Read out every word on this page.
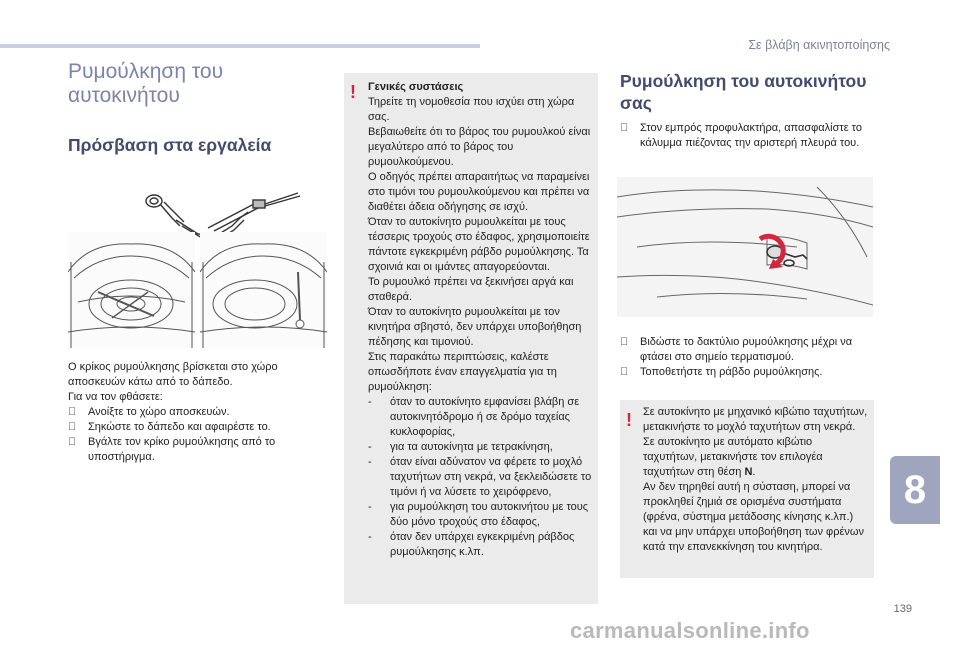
Σε βλάβη ακινητοποίησης
Ρυμούλκηση του αυτοκινήτου
Πρόσβαση στα εργαλεία
Ο κρίκος ρυμούλκησης βρίσκεται στο χώρο αποσκευών κάτω από το δάπεδο.
Για να τον φθάσετε:
Ανοίξτε το χώρο αποσκευών.
Σηκώστε το δάπεδο και αφαιρέστε το.
Βγάλτε τον κρίκο ρυμούλκησης από το υποστήριγμα.
! Γενικές συστάσεις
Τηρείτε τη νομοθεσία που ισχύει στη χώρα σας.
Βεβαιωθείτε ότι το βάρος του ρυμουλκού είναι μεγαλύτερο από το βάρος του ρυμουλκούμενου.
Ο οδηγός πρέπει απαραιτήτως να παραμείνει στο τιμόνι του ρυμουλκούμενου και πρέπει να διαθέτει άδεια οδήγησης σε ισχύ.
Όταν το αυτοκίνητο ρυμουλκείται με τους τέσσερις τροχούς στο έδαφος, χρησιμοποιείτε πάντοτε εγκεκριμένη ράβδο ρυμούλκησης. Τα σχοινιά και οι ιμάντες απαγορεύονται.
Το ρυμουλκό πρέπει να ξεκινήσει αργά και σταθερά.
Όταν το αυτοκίνητο ρυμουλκείται με τον κινητήρα σβηστό, δεν υπάρχει υποβοήθηση πέδησης και τιμονιού.
Στις παρακάτω περιπτώσεις, καλέστε οπωσδήποτε έναν επαγγελματία για τη ρυμούλκηση:
-	όταν το αυτοκίνητο εμφανίσει βλάβη σε αυτοκινητόδρομο ή σε δρόμο ταχείας κυκλοφορίας,
-	για τα αυτοκίνητα με τετρακίνηση,
-	όταν είναι αδύνατον να φέρετε το μοχλό ταχυτήτων στη νεκρά, να ξεκλειδώσετε το τιμόνι ή να λύσετε το χειρόφρενο,
-	για ρυμούλκηση του αυτοκινήτου με τους δύο μόνο τροχούς στο έδαφος,
-	όταν δεν υπάρχει εγκεκριμένη ράβδος ρυμούλκησης κ.λπ.
Ρυμούλκηση του αυτοκινήτου σας
Στον εμπρός προφυλακτήρα, απασφαλίστε το κάλυμμα πιέζοντας την αριστερή πλευρά του.
Βιδώστε το δακτύλιο ρυμούλκησης μέχρι να φτάσει στο σημείο τερματισμού.
Τοποθετήστε τη ράβδο ρυμούλκησης.
! Σε αυτοκίνητο με μηχανικό κιβώτιο ταχυτήτων, μετακινήστε το μοχλό ταχυτήτων στη νεκρά.
Σε αυτοκίνητο με αυτόματο κιβώτιο ταχυτήτων, μετακινήστε τον επιλογέα ταχυτήτων στη θέση N.
Αν δεν τηρηθεί αυτή η σύσταση, μπορεί να προκληθεί ζημιά σε ορισμένα συστήματα (φρένα, σύστημα μετάδοσης κίνησης κ.λπ.) και να μην υπάρχει υποβοήθηση των φρένων κατά την επανεκκίνηση του κινητήρα.
8
139
carmanualsonline.info
